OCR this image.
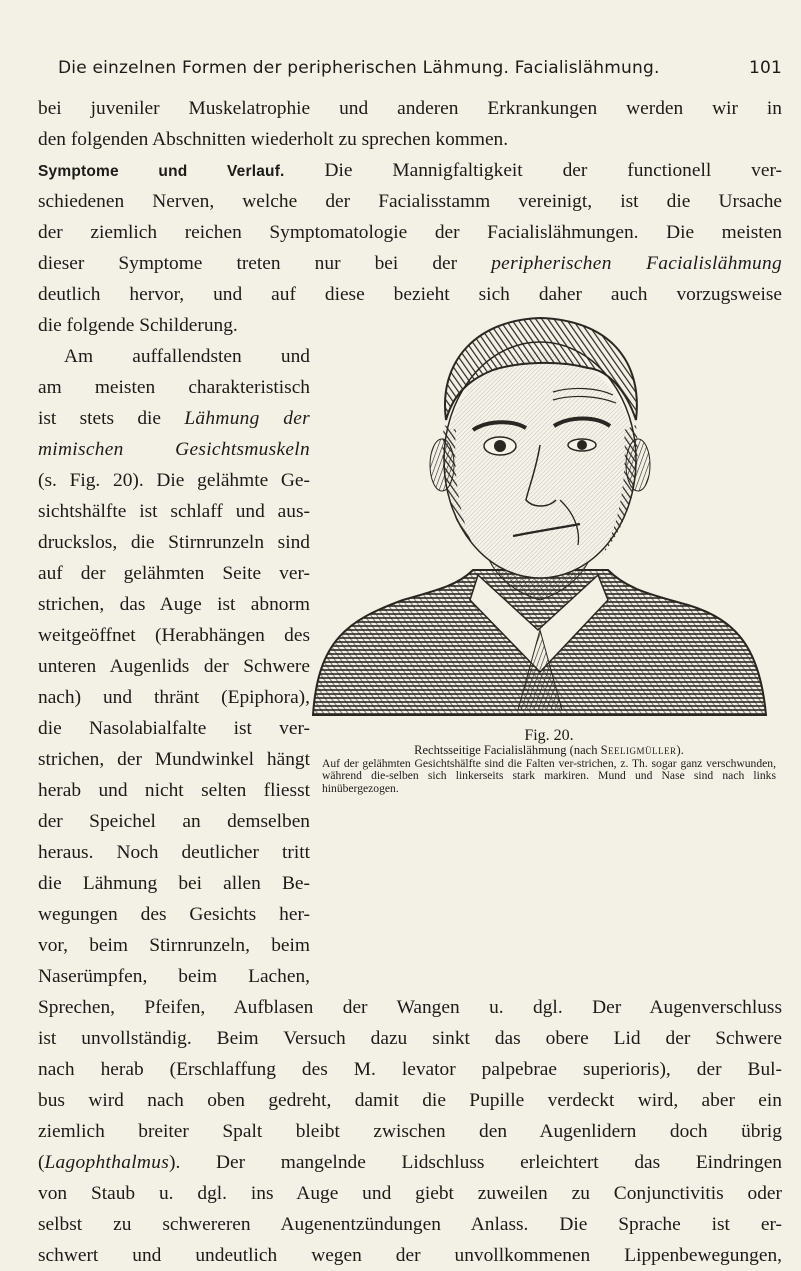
Die einzelnen Formen der peripherischen Lähmung. Facialislähmung.	101
bei juveniler Muskelatrophie und anderen Erkrankungen werden wir in
den folgenden Abschnitten wiederholt zu sprechen kommen.
Symptome und Verlauf. Die Mannigfaltigkeit der functionell ver-
schiedenen Nerven, welche der Facialisstamm vereinigt, ist die Ursache
der ziemlich reichen Symptomatologie der Facialislähmungen. Die meisten
dieser Symptome treten nur bei der peripherischen Facialislähmung
deutlich hervor, und auf diese bezieht sich daher auch vorzugsweise
die folgende Schilderung.
Am auffallendsten und
am meisten charakteristisch
ist stets die Lähmung der
mimischen Gesichtsmuskeln
(s. Fig. 20). Die gelähmte Ge-
sichtshälfte ist schlaff und aus-
druckslos, die Stirnrunzeln sind
auf der gelähmten Seite ver-
strichen, das Auge ist abnorm
weitgeöffnet (Herabhängen des
unteren Augenlids der Schwere
nach) und thränt (Epiphora),
die Nasolabialfalte ist ver-
strichen, der Mundwinkel hängt
herab und nicht selten fliesst
der Speichel an demselben
heraus. Noch deutlicher tritt
die Lähmung bei allen Be-
wegungen des Gesichts her-
vor, beim Stirnrunzeln, beim
Naserümpfen, beim Lachen,
Sprechen, Pfeifen, Aufblasen der Wangen u. dgl. Der Augenverschluss
ist unvollständig. Beim Versuch dazu sinkt das obere Lid der Schwere
nach herab (Erschlaffung des M. levator palpebrae superioris), der Bul-
bus wird nach oben gedreht, damit die Pupille verdeckt wird, aber ein
ziemlich breiter Spalt bleibt zwischen den Augenlidern doch übrig
(Lagophthalmus). Der mangelnde Lidschluss erleichtert das Eindringen
von Staub u. dgl. ins Auge und giebt zuweilen zu Conjunctivitis oder
selbst zu schwereren Augenentzündungen Anlass. Die Sprache ist er-
schwert und undeutlich wegen der unvollkommenen Lippenbewegungen,
Fig. 20.
Rechtsseitige Facialislähmung (nach Seeligmüller).
Auf der gelähmten Gesichtshälfte sind die Falten ver-strichen, z. Th. sogar ganz verschwunden, während die-selben sich linkerseits stark markiren. Mund und Nase sind nach links hinübergezogen.
